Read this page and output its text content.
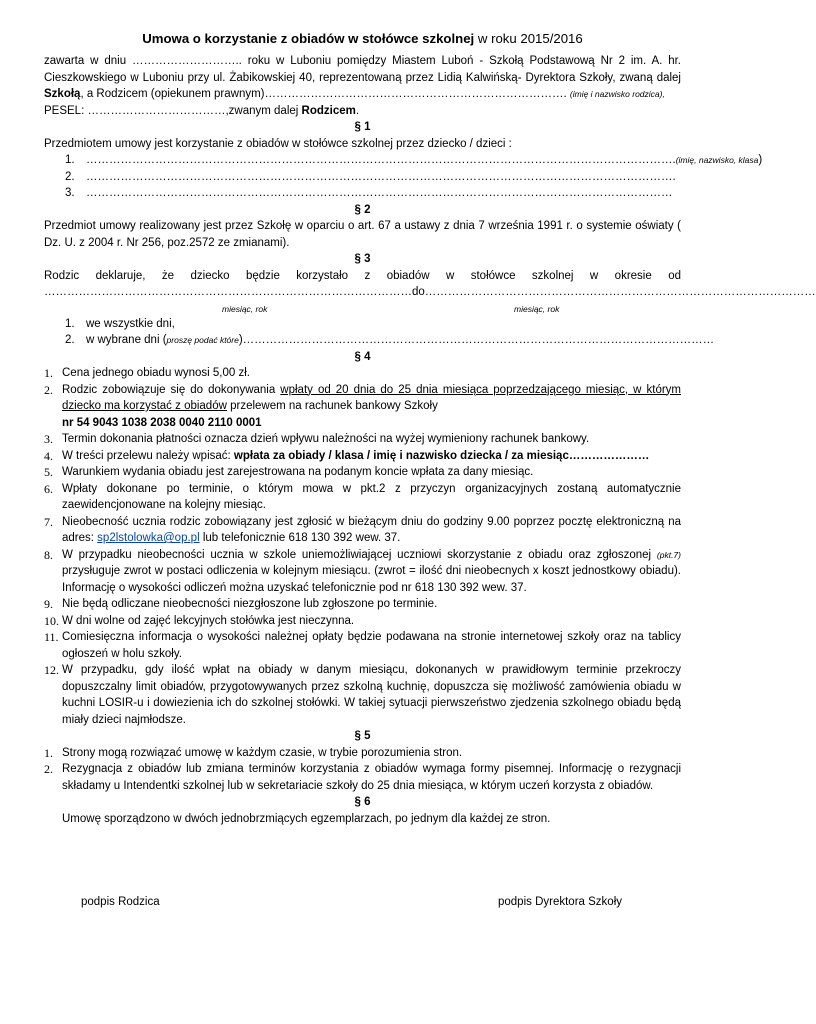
Umowa o korzystanie z obiadów w stołówce szkolnej w roku 2015/2016

zawarta w dniu ……………………….. roku w Luboniu pomiędzy Miastem Luboń - Szkołą Podstawową Nr 2 im. A. hr. Cieszkowskiego w Luboniu przy ul. Żabikowskiej 40, reprezentowaną przez Lidią Kalwińską- Dyrektora Szkoły, zwaną dalej Szkołą, a Rodzicem (opiekunem prawnym)……………………………………………………………………. (imię i nazwisko rodzica),

PESEL: ………………………………,zwanym dalej Rodzicem.

§ 1

Przedmiotem umowy jest korzystanie z obiadów w stołówce szkolnej przez dziecko / dzieci :

1. ……………………………………………………………………………………………………………………………………….(imię, nazwisko, klasa)
2. ……………………………………………………………………………………………………………………………………….
3. ………………………………………………………………………………………………………………………………………

§ 2

Przedmiot umowy realizowany jest przez Szkołę w oparciu o art. 67 a ustawy z dnia 7 września 1991 r. o systemie oświaty ( Dz. U. z 2004 r. Nr 256, poz.2572 ze zmianami).

§ 3

Rodzic deklaruje, że dziecko będzie korzystało z obiadów w stołówce szkolnej w okresie od

……………………………………………………………………………………do…………………………………………………………………………………………

miesiąc, rok	miesiąc, rok
1. we wszystkie dni,
2. w wybrane dni (proszę podać które)……………………………………………………………………………………………………………

§ 4

1. Cena jednego obiadu wynosi 5,00 zł.
2. Rodzic zobowiązuje się do dokonywania wpłaty od 20 dnia do 25 dnia miesiąca poprzedzającego miesiąc, w którym dziecko ma korzystać z obiadów przelewem na rachunek bankowy Szkoły
nr 54 9043 1038 2038 0040 2110 0001
3. Termin dokonania płatności oznacza dzień wpływu należności na wyżej wymieniony rachunek bankowy.
4. W treści przelewu należy wpisać: wpłata za obiady / klasa / imię i nazwisko dziecka / za miesiąc…………………
5. Warunkiem wydania obiadu jest zarejestrowana na podanym koncie wpłata za dany miesiąc.
6. Wpłaty dokonane po terminie, o którym mowa w pkt.2 z przyczyn organizacyjnych zostaną automatycznie zaewidencjonowane na kolejny miesiąc.
7. Nieobecność ucznia rodzic zobowiązany jest zgłosić w bieżącym dniu do godziny 9.00 poprzez pocztę elektroniczną na adres: sp2lstolowka@op.pl lub telefonicznie 618 130 392 wew. 37.
8. W przypadku nieobecności ucznia w szkole uniemożliwiającej uczniowi skorzystanie z obiadu oraz zgłoszonej (pkt.7) przysługuje zwrot w postaci odliczenia w kolejnym miesiącu. (zwrot = ilość dni nieobecnych x koszt jednostkowy obiadu). Informację o wysokości odliczeń można uzyskać telefonicznie pod nr 618 130 392 wew. 37.
9. Nie będą odliczane nieobecności niezgłoszone lub zgłoszone po terminie.
10. W dni wolne od zajęć lekcyjnych stołówka jest nieczynna.
11. Comiesięczna informacja o wysokości należnej opłaty będzie podawana na stronie internetowej szkoły oraz na tablicy ogłoszeń w holu szkoły.
12. W przypadku, gdy ilość wpłat na obiady w danym miesiącu, dokonanych w prawidłowym terminie przekroczy dopuszczalny limit obiadów, przygotowywanych przez szkolną kuchnię, dopuszcza się możliwość zamówienia obiadu w kuchni LOSIR-u i dowiezienia ich do szkolnej stołówki. W takiej sytuacji pierwszeństwo zjedzenia szkolnego obiadu będą miały dzieci najmłodsze.

§ 5

1. Strony mogą rozwiązać umowę w każdym czasie, w trybie porozumienia stron.
2. Rezygnacja z obiadów lub zmiana terminów korzystania z obiadów wymaga formy pisemnej. Informację o rezygnacji składamy u Intendentki szkolnej lub w sekretariacie szkoły do 25 dnia miesiąca, w którym uczeń korzysta z obiadów.

§ 6

Umowę sporządzono w dwóch jednobrzmiących egzemplarzach, po jednym dla każdej ze stron.

podpis Rodzica	podpis Dyrektora Szkoły
